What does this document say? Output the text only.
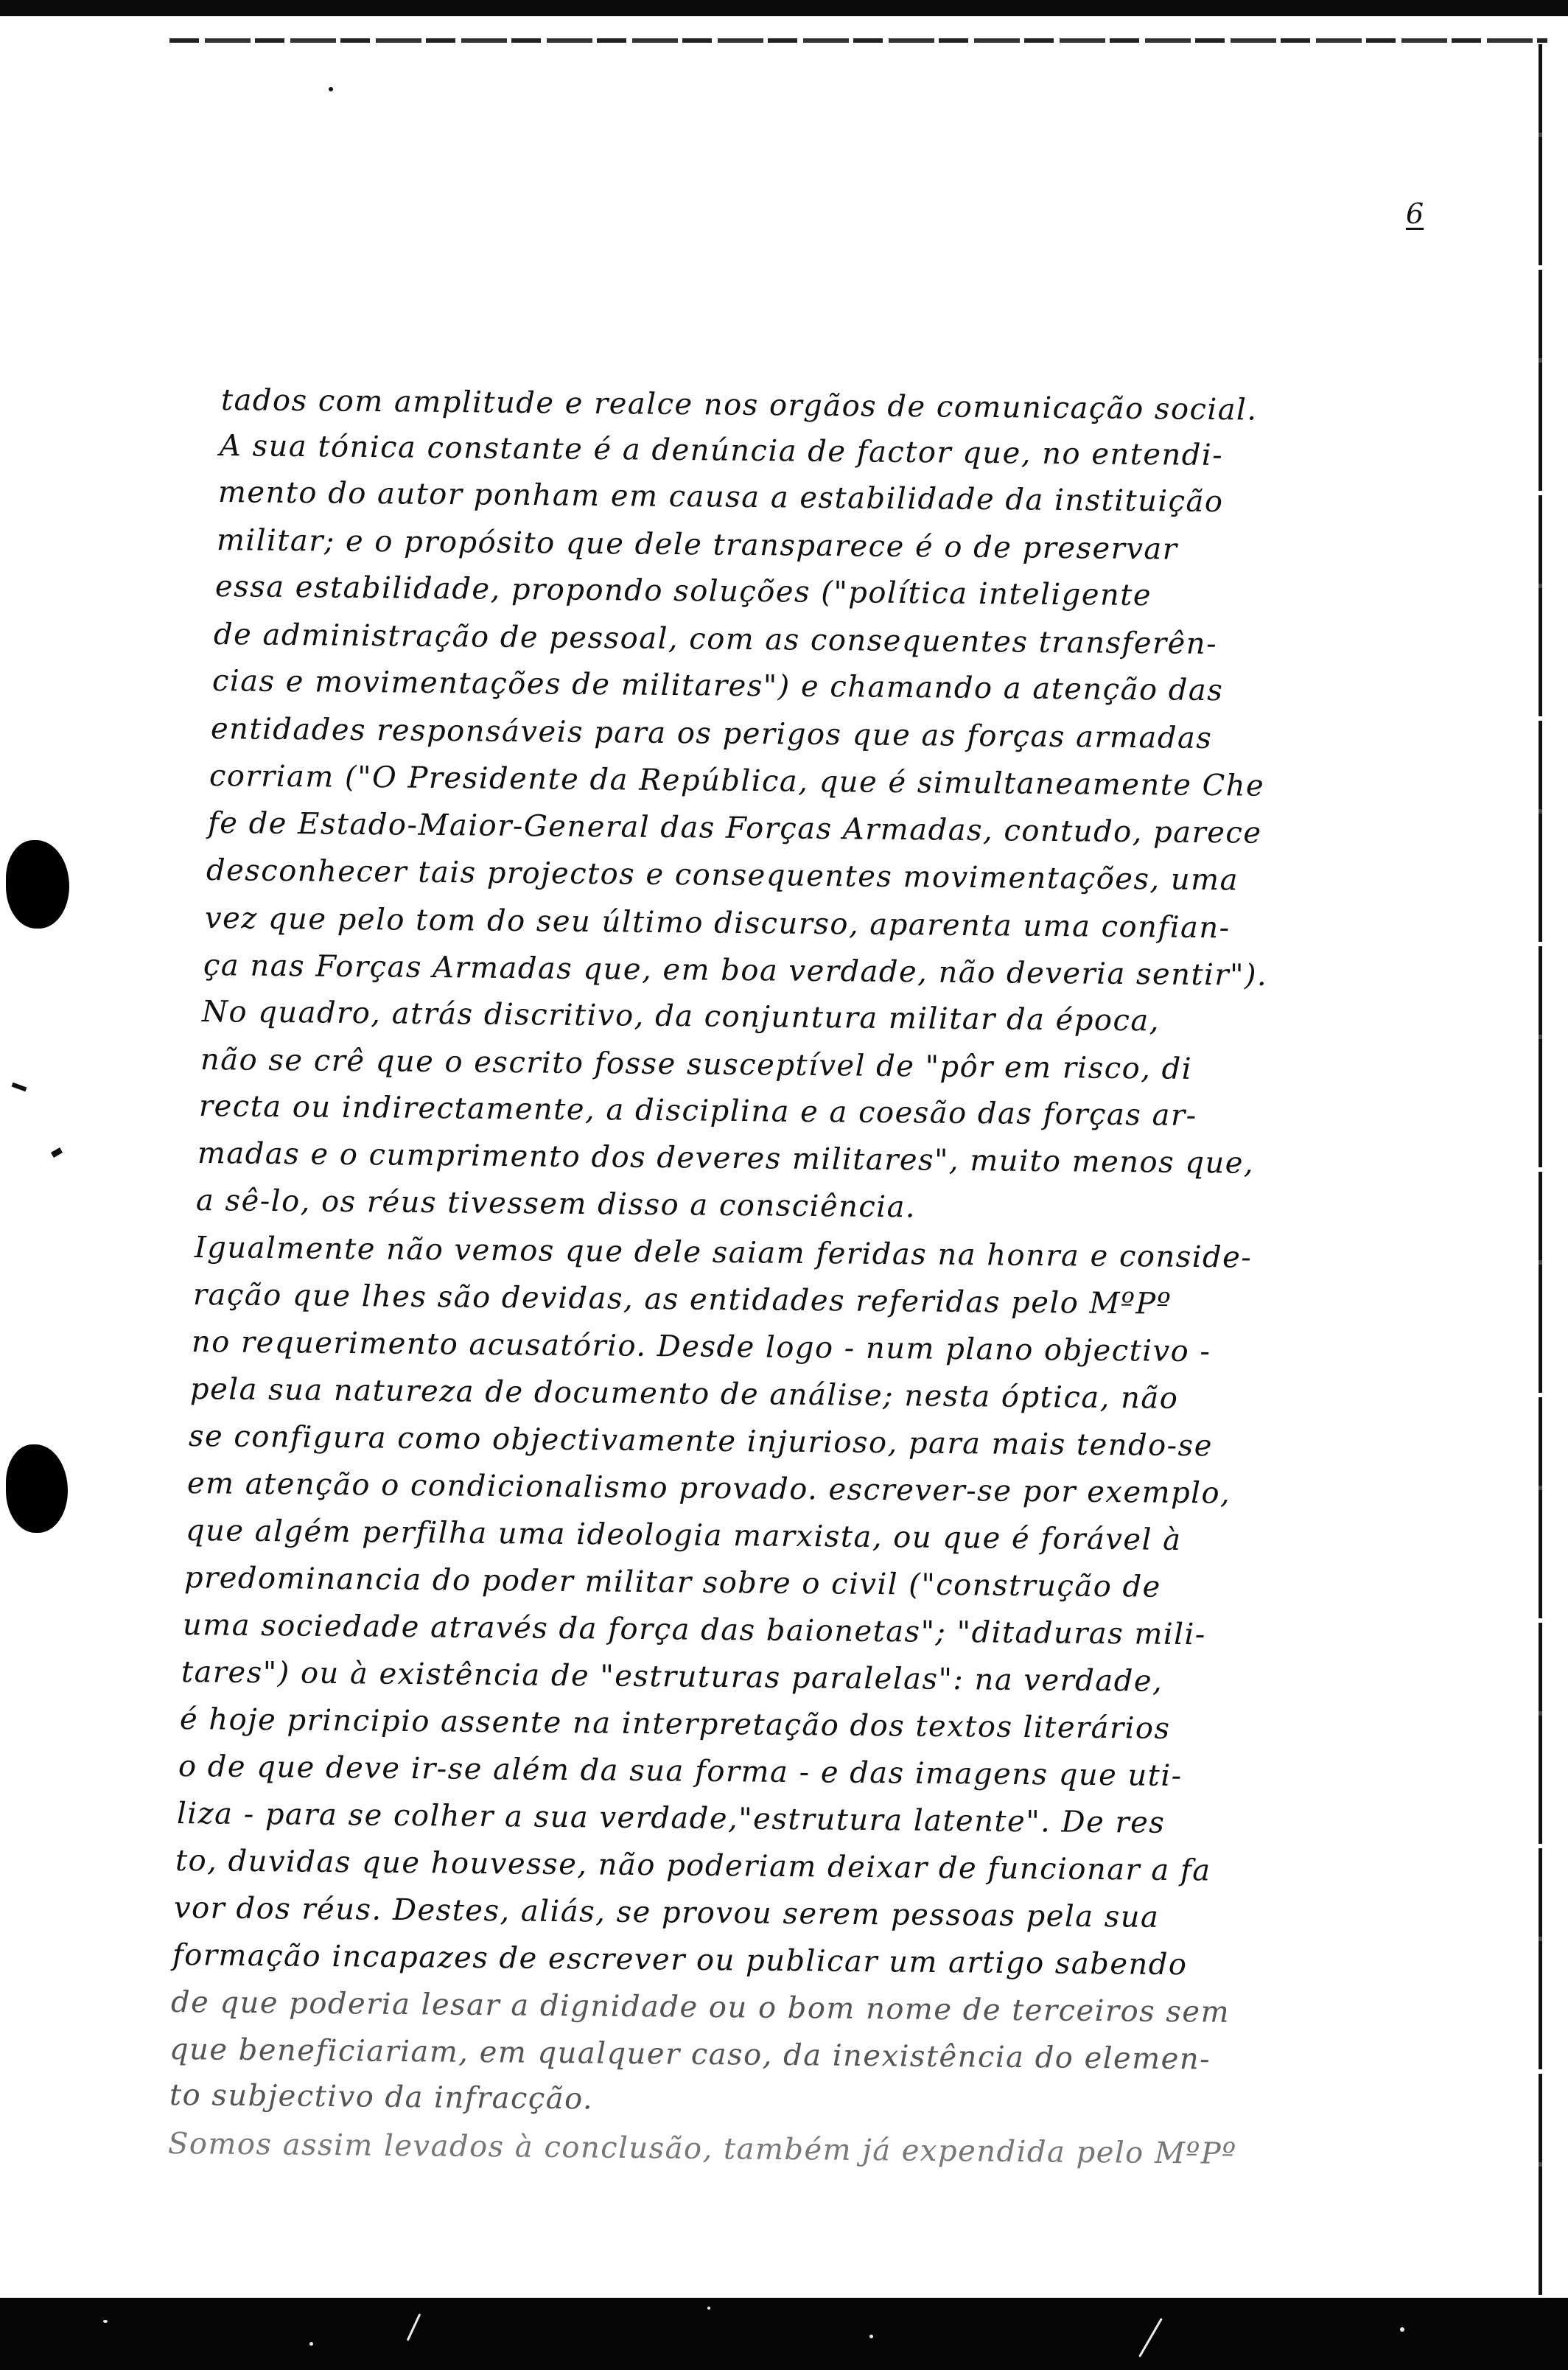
6
tados com amplitude e realce nos orgãos de comunicação social.
A sua tónica constante é a denúncia de factor que, no entendi-
mento do autor ponham em causa a estabilidade da instituição
militar; e o propósito que dele transparece é o de preservar
essa estabilidade, propondo soluções ("política inteligente
de administração de pessoal, com as consequentes transferên-
cias e movimentações de militares") e chamando a atenção das
entidades responsáveis para os perigos que as forças armadas
corriam ("O Presidente da República, que é simultaneamente Che
fe de Estado-Maior-General das Forças Armadas, contudo, parece
desconhecer tais projectos e consequentes movimentações, uma
vez que pelo tom do seu último discurso, aparenta uma confian-
ça nas Forças Armadas que, em boa verdade, não deveria sentir").
No quadro, atrás discritivo, da conjuntura militar da época,
não se crê que o escrito fosse susceptível de "pôr em risco, di
recta ou indirectamente, a disciplina e a coesão das forças ar-
madas e o cumprimento dos deveres militares", muito menos que,
a sê-lo, os réus tivessem disso a consciência.
Igualmente não vemos que dele saiam feridas na honra e conside-
ração que lhes são devidas, as entidades referidas pelo MºPº
no requerimento acusatório. Desde logo - num plano objectivo -
pela sua natureza de documento de análise; nesta óptica, não
se configura como objectivamente injurioso, para mais tendo-se
em atenção o condicionalismo provado. escrever-se por exemplo,
que algém perfilha uma ideologia marxista, ou que é forável à
predominancia do poder militar sobre o civil ("construção de
uma sociedade através da força das baionetas"; "ditaduras mili-
tares") ou à existência de "estruturas paralelas": na verdade,
é hoje principio assente na interpretação dos textos literários
o de que deve ir-se além da sua forma - e das imagens que uti-
liza - para se colher a sua verdade,"estrutura latente". De res
to, duvidas que houvesse, não poderiam deixar de funcionar a fa
vor dos réus. Destes, aliás, se provou serem pessoas pela sua
formação incapazes de escrever ou publicar um artigo sabendo
de que poderia lesar a dignidade ou o bom nome de terceiros sem
que beneficiariam, em qualquer caso, da inexistência do elemen-
to subjectivo da infracção.
Somos assim levados à conclusão, também já expendida pelo MºPº
